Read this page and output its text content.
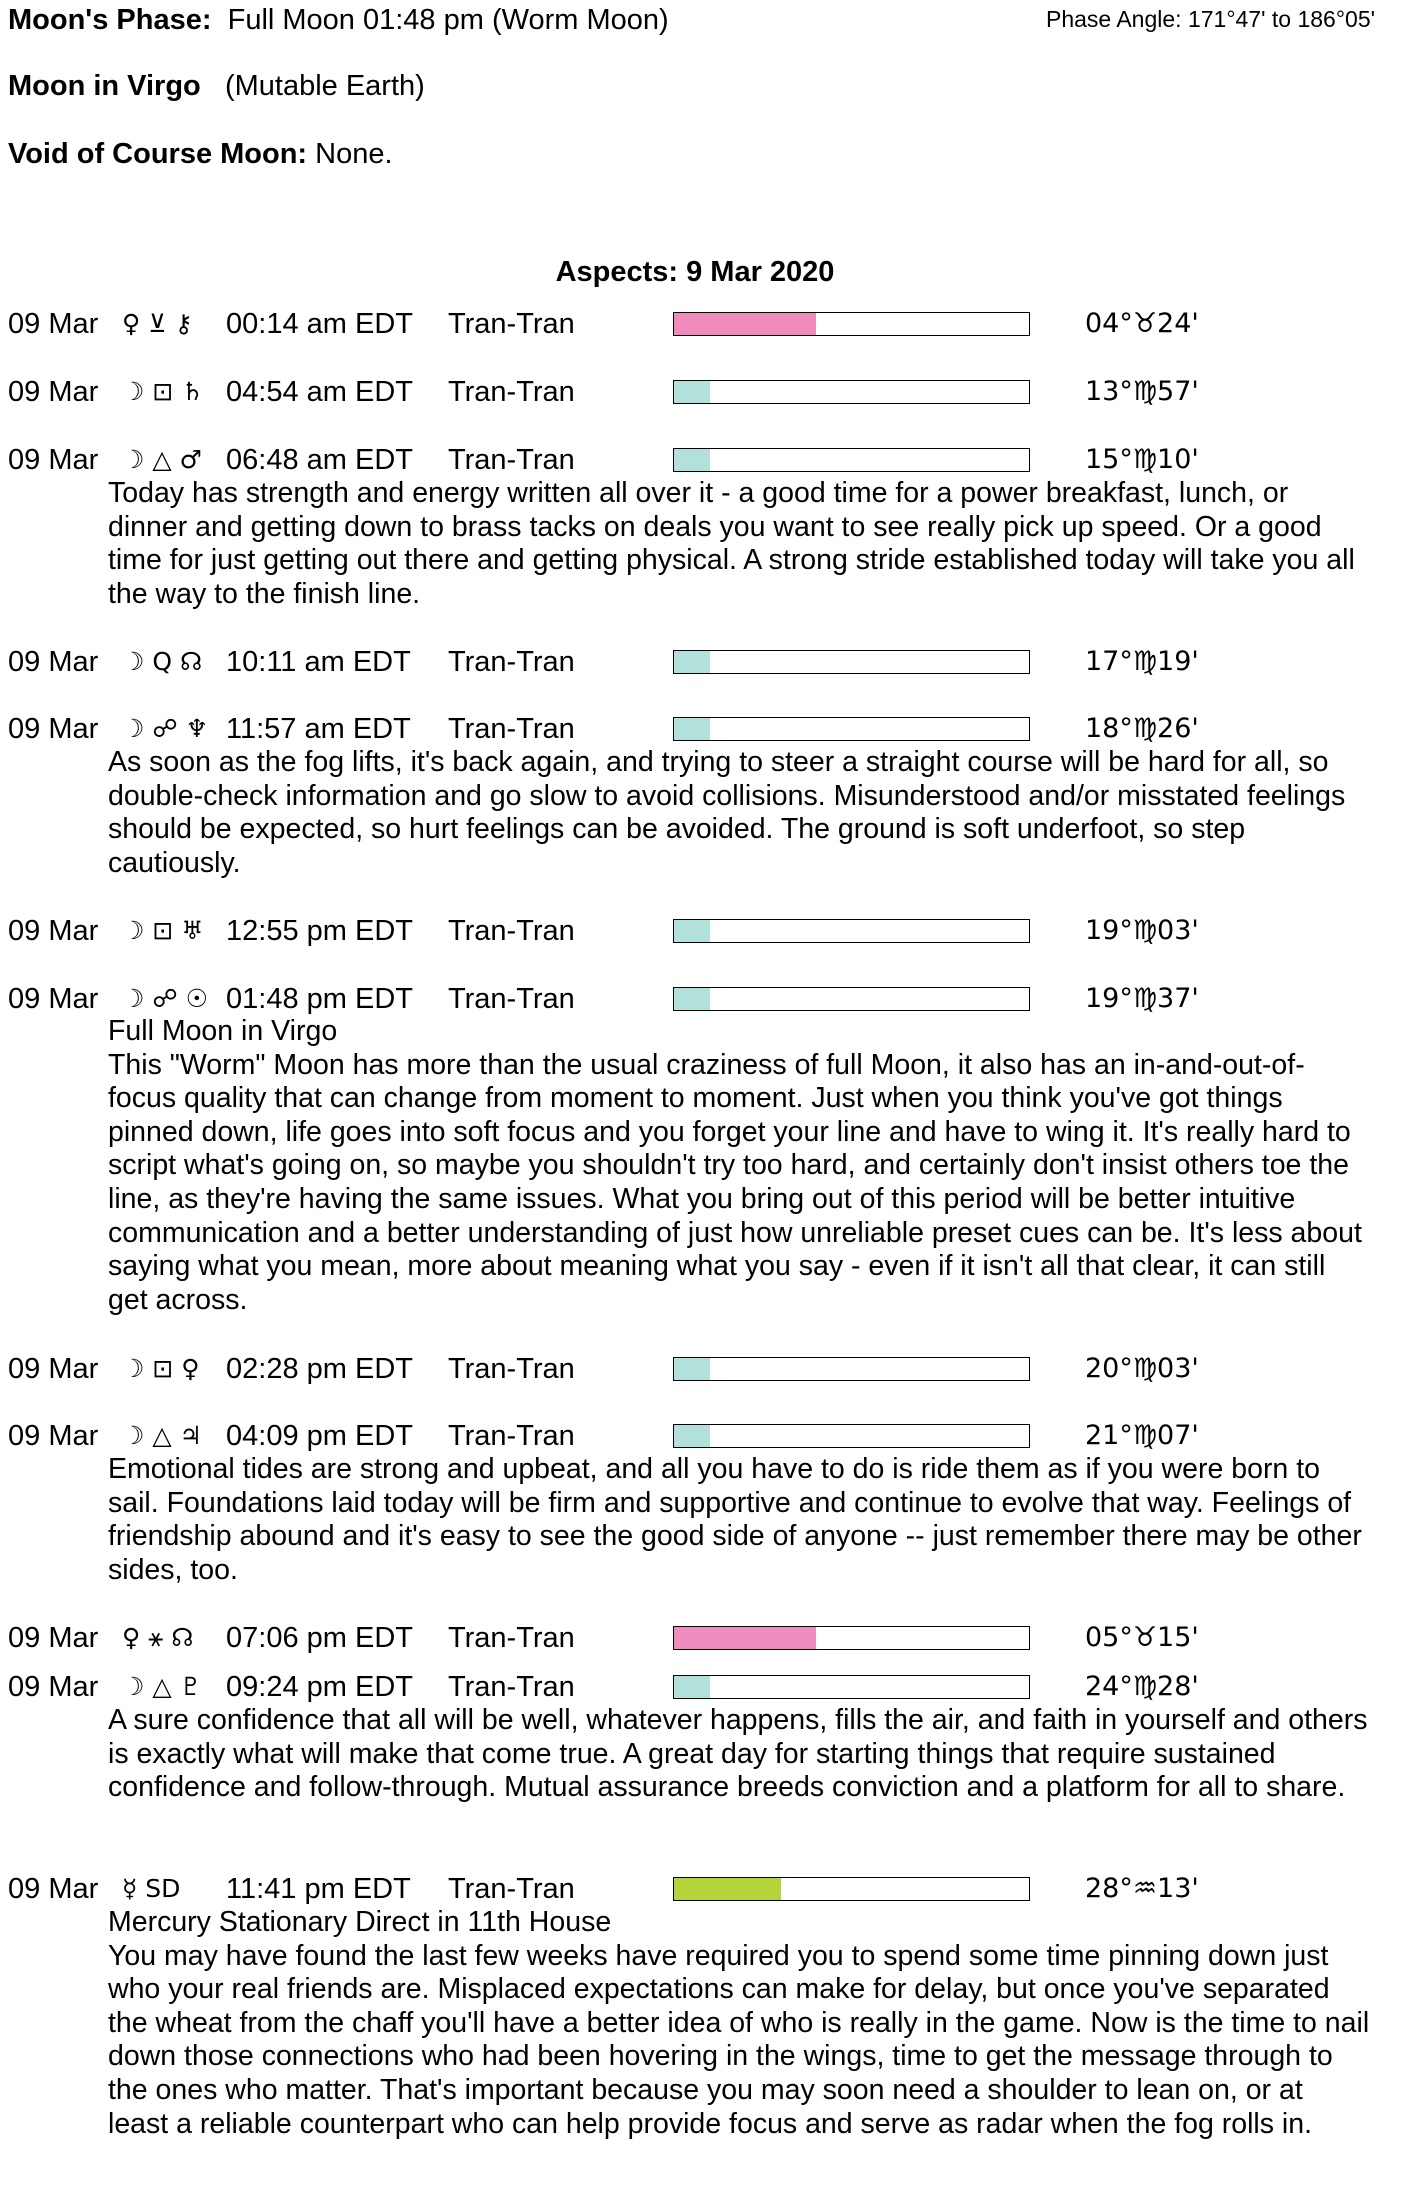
Moon's Phase: Full Moon 01:48 pm (Worm Moon)	Phase Angle: 171°47' to 186°05'
Moon in Virgo (Mutable Earth)
Void of Course Moon: None.
Aspects: 9 Mar 2020
09 Mar ♀ ⊻ ⚷ 00:14 am EDT Tran-Tran	04°♉24'
09 Mar ☽ ⊡ ♄ 04:54 am EDT Tran-Tran	13°♍57'
09 Mar ☽ △ ♂ 06:48 am EDT Tran-Tran	15°♍10'

Today has strength and energy written all over it - a good time for a power breakfast, lunch, or dinner and getting down to brass tacks on deals you want to see really pick up speed. Or a good time for just getting out there and getting physical. A strong stride established today will take you all the way to the finish line.

09 Mar ☽ Q ☊ 10:11 am EDT Tran-Tran	17°♍19'
09 Mar ☽ ☍ ♆ 11:57 am EDT Tran-Tran	18°♍26'

As soon as the fog lifts, it's back again, and trying to steer a straight course will be hard for all, so double-check information and go slow to avoid collisions. Misunderstood and/or misstated feelings should be expected, so hurt feelings can be avoided. The ground is soft underfoot, so step cautiously.

09 Mar ☽ ⊡ ♅ 12:55 pm EDT Tran-Tran	19°♍03'
09 Mar ☽ ☍ ☉ 01:48 pm EDT Tran-Tran	19°♍37'

Full Moon in Virgo

This "Worm" Moon has more than the usual craziness of full Moon, it also has an in-and-out-of-focus quality that can change from moment to moment. Just when you think you've got things pinned down, life goes into soft focus and you forget your line and have to wing it. It's really hard to script what's going on, so maybe you shouldn't try too hard, and certainly don't insist others toe the line, as they're having the same issues. What you bring out of this period will be better intuitive communication and a better understanding of just how unreliable preset cues can be. It's less about saying what you mean, more about meaning what you say - even if it isn't all that clear, it can still get across.

09 Mar ☽ ⊡ ♀ 02:28 pm EDT Tran-Tran	20°♍03'
09 Mar ☽ △ ♃ 04:09 pm EDT Tran-Tran	21°♍07'

Emotional tides are strong and upbeat, and all you have to do is ride them as if you were born to sail. Foundations laid today will be firm and supportive and continue to evolve that way. Feelings of friendship abound and it's easy to see the good side of anyone -- just remember there may be other sides, too.

09 Mar ♀ ⚹ ☊ 07:06 pm EDT Tran-Tran	05°♉15'
09 Mar ☽ △ ♇ 09:24 pm EDT Tran-Tran	24°♍28'

A sure confidence that all will be well, whatever happens, fills the air, and faith in yourself and others is exactly what will make that come true. A great day for starting things that require sustained confidence and follow-through. Mutual assurance breeds conviction and a platform for all to share.

09 Mar ☿ SD 11:41 pm EDT Tran-Tran	28°♒13'

Mercury Stationary Direct in 11th House

You may have found the last few weeks have required you to spend some time pinning down just who your real friends are. Misplaced expectations can make for delay, but once you've separated the wheat from the chaff you'll have a better idea of who is really in the game. Now is the time to nail down those connections who had been hovering in the wings, time to get the message through to the ones who matter. That's important because you may soon need a shoulder to lean on, or at least a reliable counterpart who can help provide focus and serve as radar when the fog rolls in.
